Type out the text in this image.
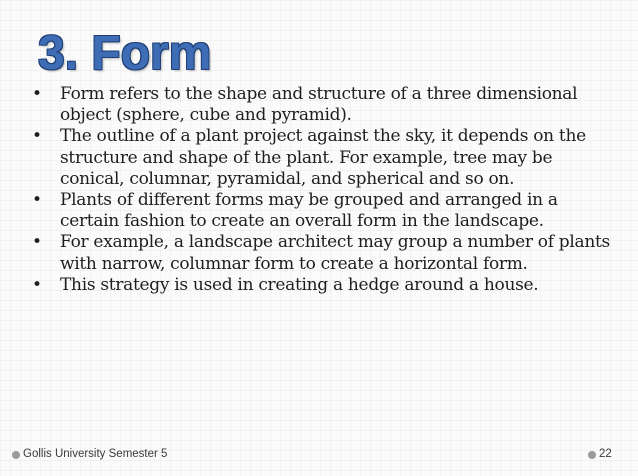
3. Form
• Form refers to the shape and structure of a three dimensional object (sphere, cube and pyramid).
• The outline of a plant project against the sky, it depends on the structure and shape of the plant. For example, tree may be conical, columnar, pyramidal, and spherical and so on.
• Plants of different forms may be grouped and arranged in a certain fashion to create an overall form in the landscape.
• For example, a landscape architect may group a number of plants with narrow, columnar form to create a horizontal form.
• This strategy is used in creating a hedge around a house.
Gollis University Semester 5	22
